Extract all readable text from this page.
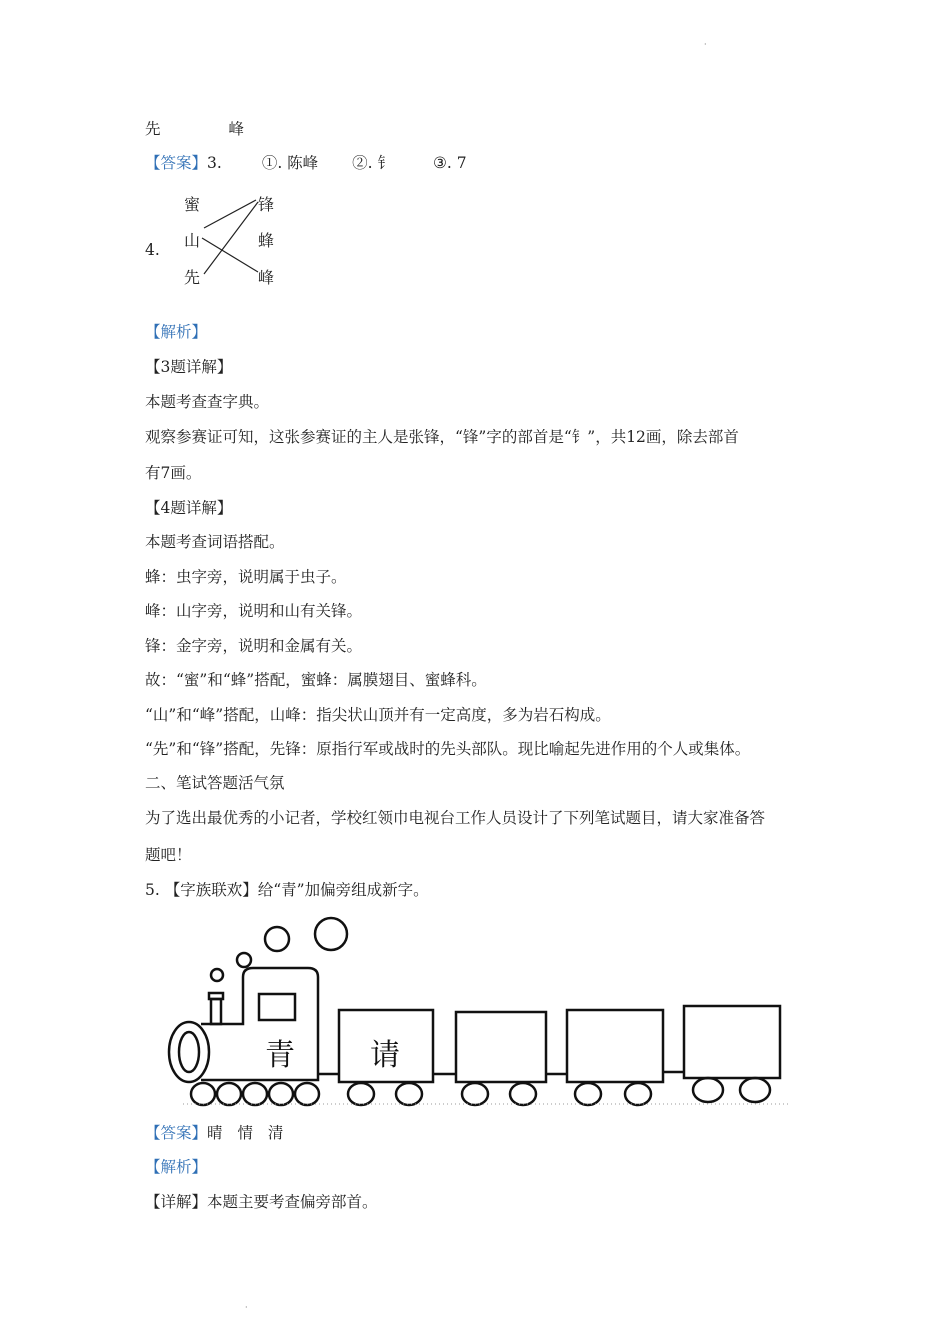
·
先	峰
【答案】3.	①. 陈峰 ②. 钅	③. 7
4.
蜜
山
先
锋
蜂
峰
【解析】
【3题详解】
本题考查查字典。
观察参赛证可知，这张参赛证的主人是张锋，“锋”字的部首是“钅”，共12画，除去部首
有7画。
【4题详解】
本题考查词语搭配。
蜂：虫字旁，说明属于虫子。
峰：山字旁，说明和山有关锋。
锋：金字旁，说明和金属有关。
故：“蜜”和“蜂”搭配，蜜蜂：属膜翅目、蜜蜂科。
“山”和“峰”搭配，山峰：指尖状山顶并有一定高度，多为岩石构成。
“先”和“锋”搭配，先锋：原指行军或战时的先头部队。现比喻起先进作用的个人或集体。
二、笔试答题活气氛
为了选出最优秀的小记者，学校红领巾电视台工作人员设计了下列笔试题目，请大家准备答
题吧！
5. 【字族联欢】给“青”加偏旁组成新字。
青	请
【答案】晴 情 清
【解析】
【详解】本题主要考查偏旁部首。
·
